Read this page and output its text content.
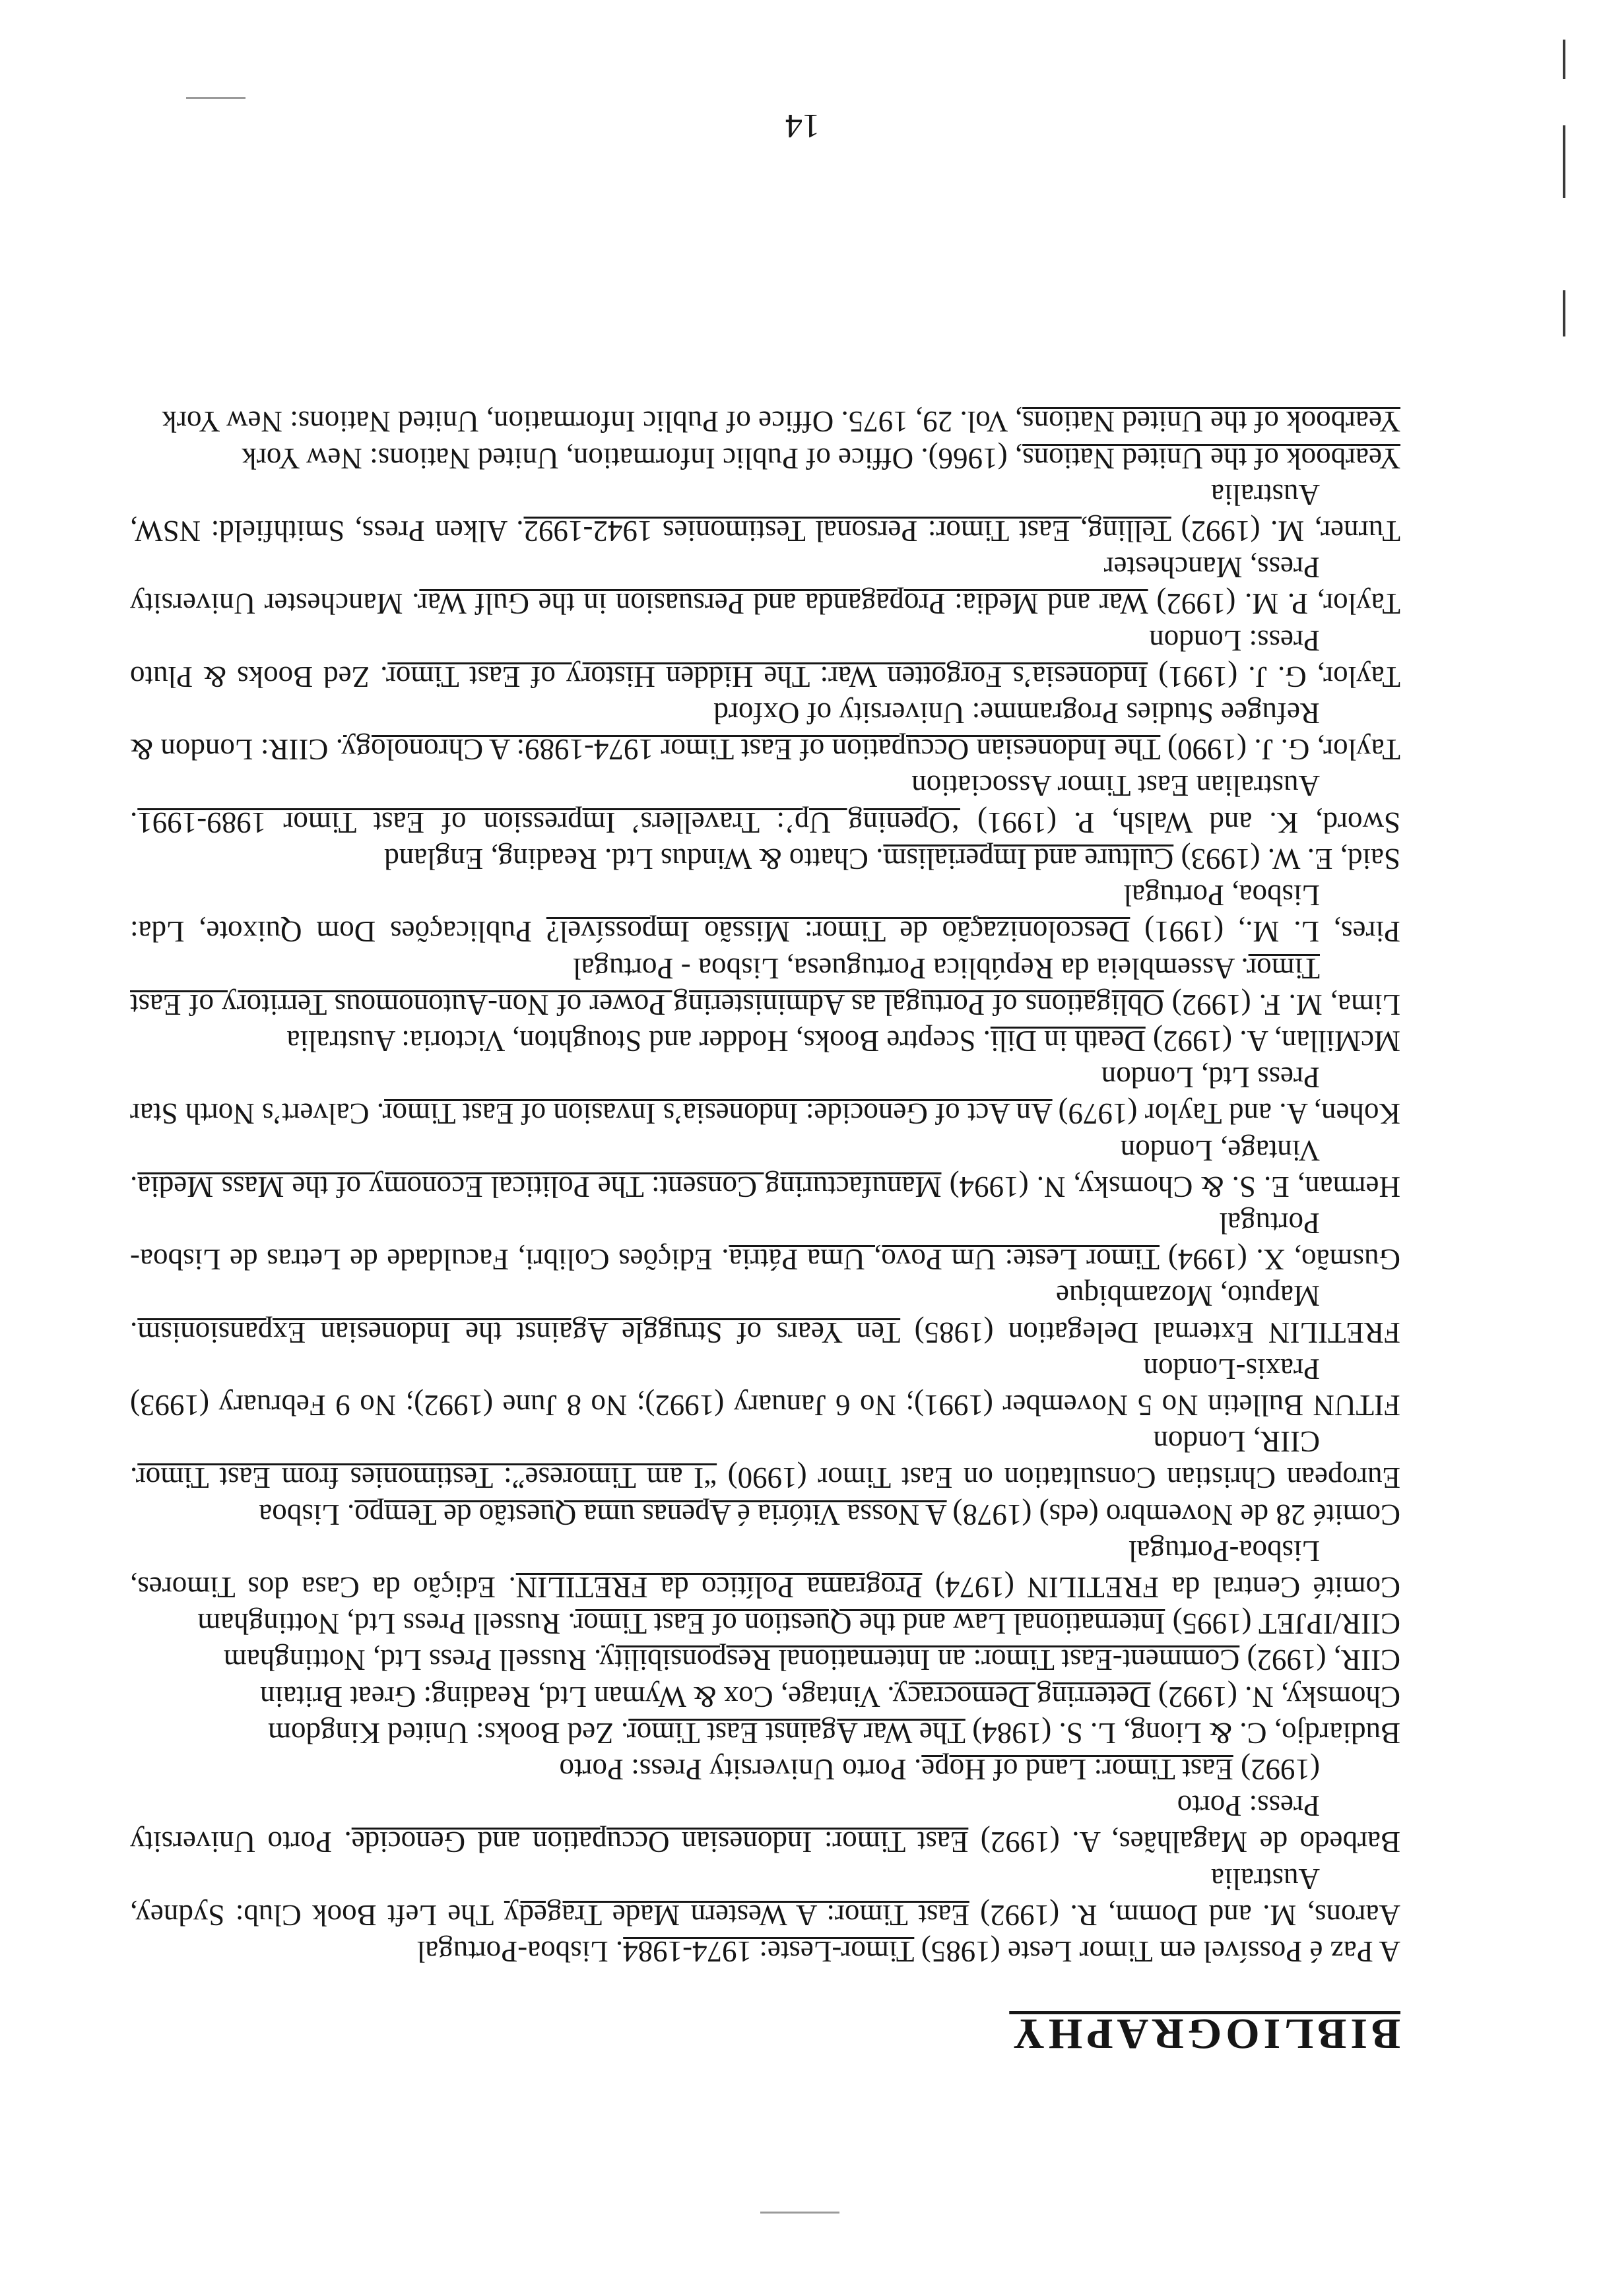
BIBLIOGRAPHY

A Paz é Possível em Timor Leste (1985) Timor-Leste: 1974-1984. Lisboa-Portugal

Aarons, M. and Domm, R. (1992) East Timor: A Western Made Tragedy The Left Book Club: Sydney, Australia

Barbedo de Magalhães, A. (1992) East Timor: Indonesian Occupation and Genocide. Porto University Press: Porto

(1992) East Timor: Land of Hope. Porto University Press: Porto

Budiardjo, C. & Liong, L. S. (1984) The War Against East Timor. Zed Books: United Kingdom

Chomsky, N. (1992) Deterring Democracy. Vintage, Cox & Wyman Ltd, Reading: Great Britain

CIIR, (1992) Comment-East Timor: an International Responsibility. Russell Press Ltd, Nottingham

CIIR/IPJET (1995) International Law and the Question of East Timor. Russell Press Ltd, Nottingham

Comité Central da FRETILIN (1974) Programa Político da FRETILIN. Edição da Casa dos Timores, Lisboa-Portugal

Comité 28 de Novembro (eds) (1978) A Nossa Vitória é Apenas uma Questão de Tempo. Lisboa

European Christian Consultation on East Timor (1990) “I am Timorese”: Testimonies from East Timor. CIIR, London

FITUN Bulletin No 5 November (1991); No 6 January (1992); No 8 June (1992); No 9 February (1993) Praxis-London

FRETILIN External Delegation (1985) Ten Years of Struggle Against the Indonesian Expansionism. Maputo, Mozambique

Gusmão, X. (1994) Timor Leste: Um Povo, Uma Pátria. Edições Colibri, Faculdade de Letras de Lisboa-Portugal

Herman, E. S. & Chomsky, N. (1994) Manufacturing Consent: The Political Economy of the Mass Media. Vintage, London

Kohen, A. and Taylor (1979) An Act of Genocide: Indonesia’s Invasion of East Timor. Calvert’s North Star Press Ltd, London

McMillan, A. (1992) Death in Dili. Sceptre Books, Hodder and Stoughton, Victoria: Australia

Lima, M. F. (1992) Obligations of Portugal as Administering Power of Non-Autonomous Territory of East Timor. Assembleia da República Portuguesa, Lisboa - Portugal

Pires, L. M., (1991) Descolonização de Timor: Missão Impossível? Publicações Dom Quixote, Lda: Lisboa, Portugal

Said, E. W. (1993) Culture and Imperialism. Chatto & Windus Ltd. Reading, England

Sword, K. and Walsh, P. (1991) ‘Opening Up’: Travellers’ Impression of East Timor 1989-1991. Australian East Timor Association

Taylor, G. J. (1990) The Indonesian Occupation of East Timor 1974-1989: A Chronology. CIIR: London & Refugee Studies Programme: University of Oxford

Taylor, G. J. (1991) Indonesia’s Forgotten War: The Hidden History of East Timor. Zed Books & Pluto Press: London

Taylor, P. M. (1992) War and Media: Propaganda and Persuasion in the Gulf War. Manchester University Press, Manchester

Turner, M. (1992) Telling, East Timor: Personal Testimonies 1942-1992. Alken Press, Smithfield: NSW, Australia

Yearbook of the United Nations, (1966). Office of Public Information, United Nations: New York

Yearbook of the United Nations, Vol. 29, 1975. Office of Public Information, United Nations: New York

14
